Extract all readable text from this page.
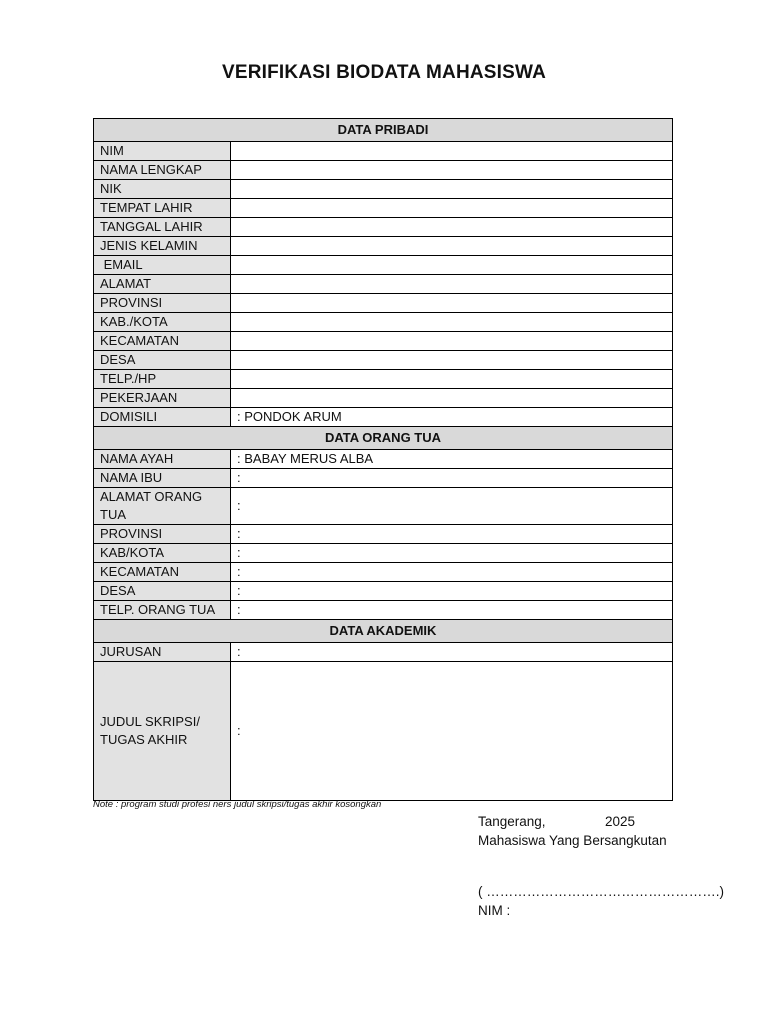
VERIFIKASI BIODATA MAHASISWA
DATA PRIBADI	
NIM	
NAMA LENGKAP	
NIK	
TEMPAT LAHIR	
TANGGAL LAHIR	
JENIS KELAMIN	
EMAIL	
ALAMAT	
PROVINSI	
KAB./KOTA	
KECAMATAN	
DESA	
TELP./HP	
PEKERJAAN	
DOMISILI	: PONDOK ARUM
DATA ORANG TUA	
NAMA AYAH	: BABAY MERUS ALBA
NAMA IBU	:
ALAMAT ORANG TUA	:
PROVINSI	:
KAB/KOTA	:
KECAMATAN	:
DESA	:
TELP. ORANG TUA	:
DATA AKADEMIK	
JURUSAN	:
JUDUL SKRIPSI/ TUGAS AKHIR	:
Note : program studi profesi ners judul skripsi/tugas akhir kosongkan
Tangerang,	2025
Mahasiswa Yang Bersangkutan
( …………………………………………….)
NIM :
